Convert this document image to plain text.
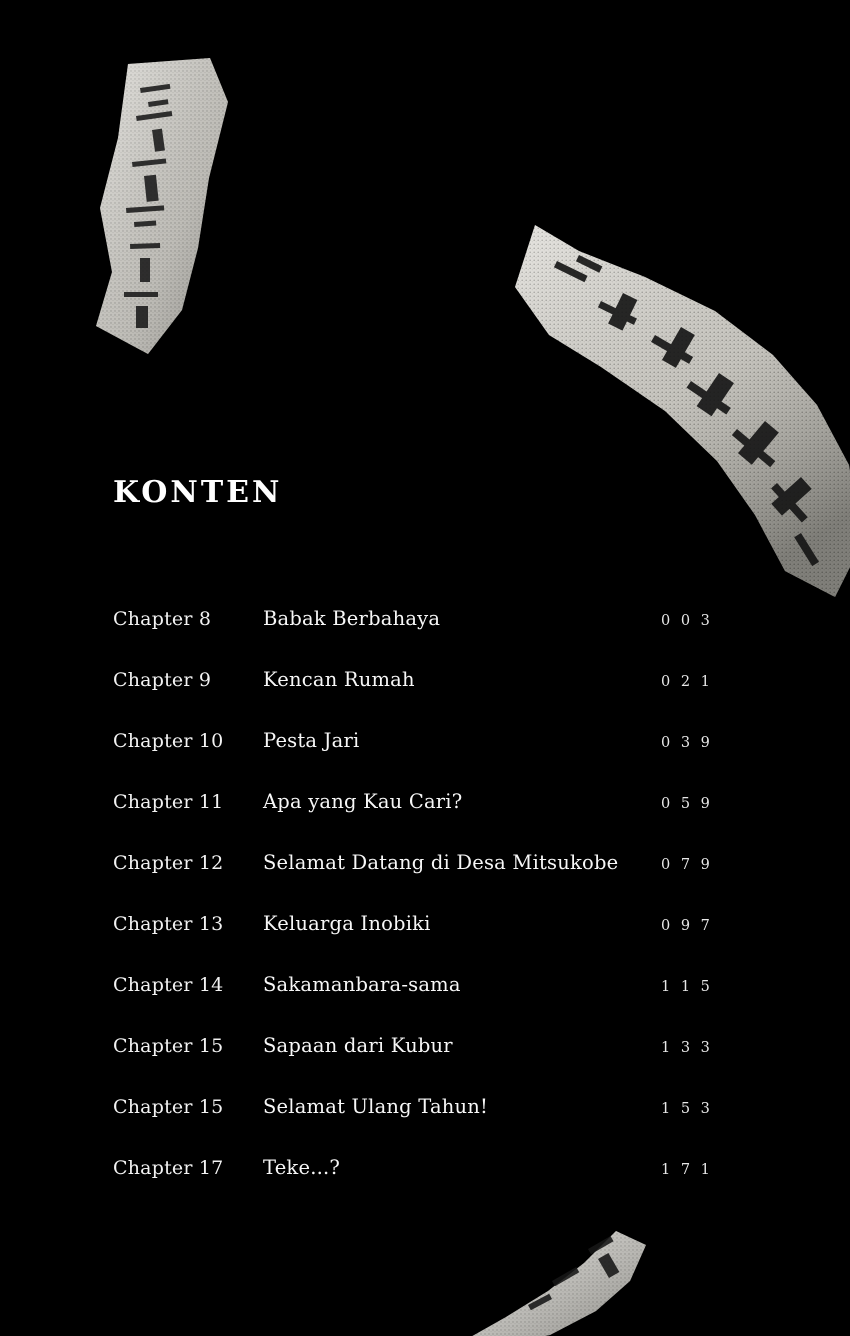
KONTEN
Chapter 8	Babak Berbahaya	0 0 3
Chapter 9	Kencan Rumah	0 2 1
Chapter 10	Pesta Jari	0 3 9
Chapter 11	Apa yang Kau Cari?	0 5 9
Chapter 12	Selamat Datang di Desa Mitsukobe	0 7 9
Chapter 13	Keluarga Inobiki	0 9 7
Chapter 14	Sakamanbara-sama	1 1 5
Chapter 15	Sapaan dari Kubur	1 3 3
Chapter 15	Selamat Ulang Tahun!	1 5 3
Chapter 17	Teke...?	1 7 1
